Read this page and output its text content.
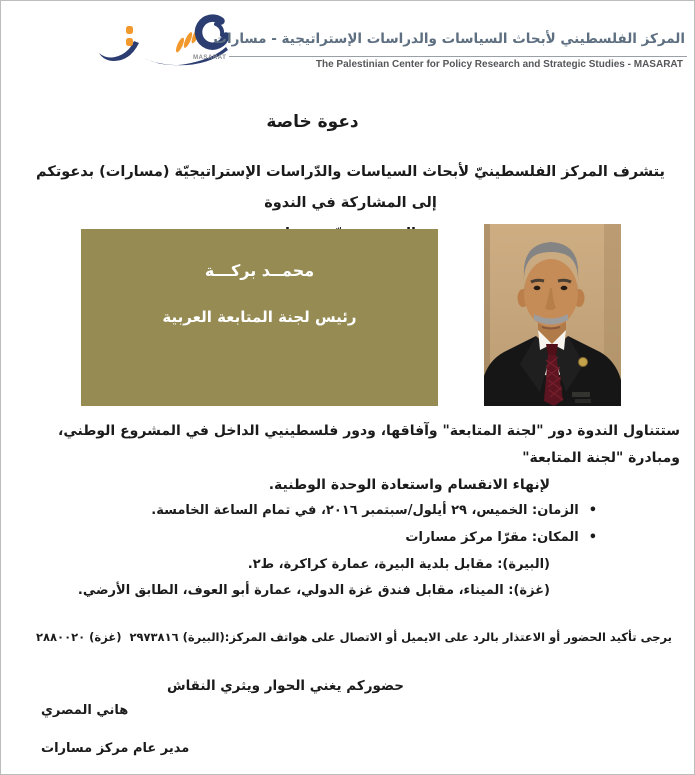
MASARAT
المركز الفلسطيني لأبحاث السياسات والدراسات الإستراتيجية - مسارات
The Palestinian Center for Policy Research and Strategic Studies - MASARAT
دعوة خاصة
يتشرف المركز الفلسطينيّ لأبحاث السياسات والدّراسات الإستراتيجيّة (مسارات) بدعوتكم إلى المشاركة في الندوة
محمــد بركـــة
رئيس لجنة المتابعة العربية
ستتناول الندوة دور "لجنة المتابعة" وآفاقها، ودور فلسطينيي الداخل في المشروع الوطني، ومبادرة "لجنة المتابعة"
لإنهاء الانقسام واستعادة الوحدة الوطنية.
•الزمان: الخميس، ٢٩ أيلول/سبتمبر ٢٠١٦، في تمام الساعة الخامسة.
•المكان: مقرّا مركز مسارات
(البيرة): مقابل بلدية البيرة، عمارة كراكرة، ط٢.
(غزة): الميناء، مقابل فندق غزة الدولي، عمارة أبو العوف، الطابق الأرضي.
يرجى تأكيد الحضور أو الاعتذار بالرد على الايميل أو الاتصال على هواتف المركز:(البيرة) ٢٩٧٣٨١٦  (غزة) ٢٨٨٠٠٢٠
حضوركم يغني الحوار ويثري النقاش
هاني المصري
مدير عام مركز مسارات
